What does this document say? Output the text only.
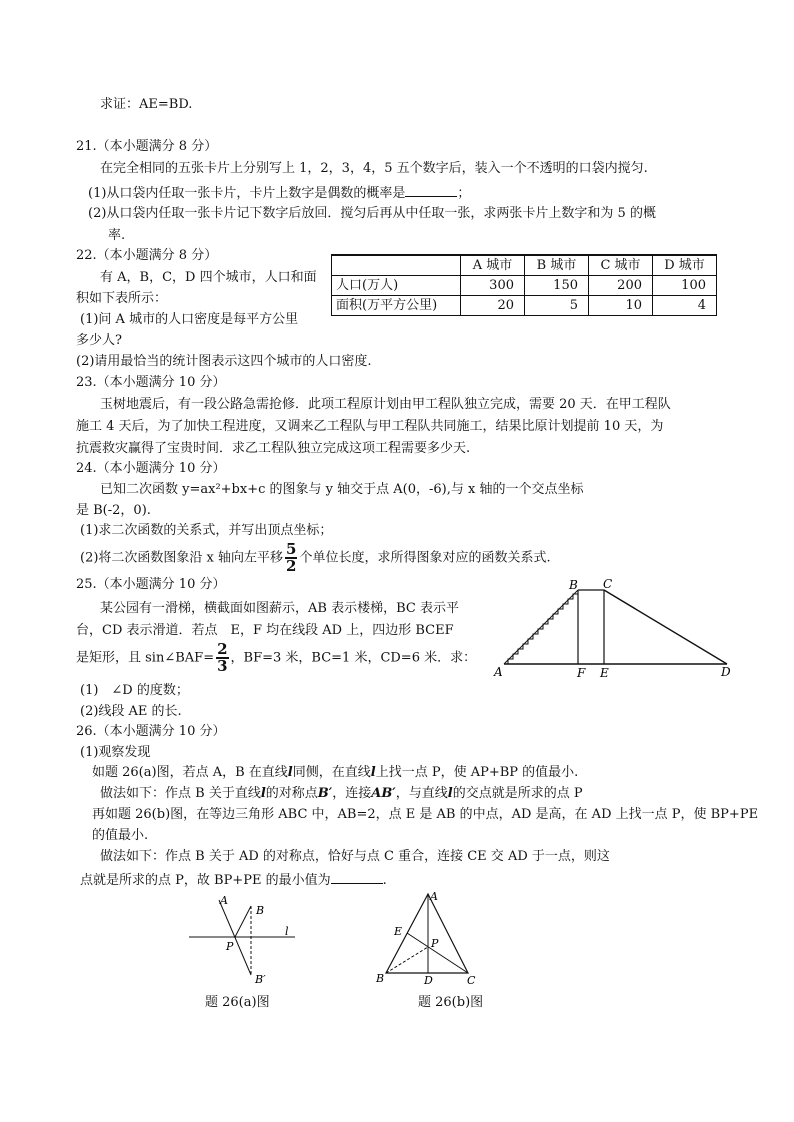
求证：AE=BD.
21.（本小题满分 8 分）
在完全相同的五张卡片上分别写上 1，2，3，4，5 五个数字后，装入一个不透明的口袋内搅匀.
(1)从口袋内任取一张卡片，卡片上数字是偶数的概率是	；
(2)从口袋内任取一张卡片记下数字后放回．搅匀后再从中任取一张，求两张卡片上数字和为 5 的概
率.
22.（本小题满分 8 分）
有 A，B，C，D 四个城市，人口和面
积如下表所示：
(1)问 A 城市的人口密度是每平方公里
多少人?
(2)请用最恰当的统计图表示这四个城市的人口密度.
	A 城市	B 城市	C 城市	D 城市
人口(万人)	300	150	200	100
面积(万平方公里)	20	5	10	4
23.（本小题满分 10 分）
玉树地震后，有一段公路急需抢修．此项工程原计划由甲工程队独立完成，需要 20 天．在甲工程队
施工 4 天后，为了加快工程进度，又调来乙工程队与甲工程队共同施工，结果比原计划提前 10 天，为
抗震救灾赢得了宝贵时间．求乙工程队独立完成这项工程需要多少天.
24.（本小题满分 10 分）
已知二次函数 y=ax²+bx+c 的图象与 y 轴交于点 A(0，-6),与 x 轴的一个交点坐标
是 B(-2，0).
(1)求二次函数的关系式，并写出顶点坐标；
(2)将二次函数图象沿 x 轴向左平移 $\frac{5}{2}$ 个单位长度，求所得图象对应的函数关系式.
25.（本小题满分 10 分）
某公园有一滑梯，横截面如图薪示，AB 表示楼梯，BC 表示平
台，CD 表示滑道．若点　E，F 均在线段 AD 上，四边形 BCEF
是矩形，且 sin∠BAF= $\frac{2}{3}$ ，BF=3 米，BC=1 米，CD=6 米．求：
(1)　∠D 的度数；
(2)线段 AE 的长.
A
B C
D
E
F
26.（本小题满分 10 分）
(1)观察发现
如题 26(a)图，若点 A，B 在直线l同侧，在直线l上找一点 P，使 AP+BP 的值最小.
做法如下：作点 B 关于直线l的对称点B′，连接AB′，与直线l的交点就是所求的点 P
再如题 26(b)图，在等边三角形 ABC 中，AB=2，点 E 是 AB 的中点，AD 是高，在 AD 上找一点 P，使 BP+PE
的值最小.
做法如下：作点 B 关于 AD 的对称点，恰好与点 C 重合，连接 CE 交 AD 于一点，则这
点就是所求的点 P，故 BP+PE 的最小值为	.
A
B
P
l
B′
题 26(a)图
A
B	C
D
E
P
题 26(b)图
